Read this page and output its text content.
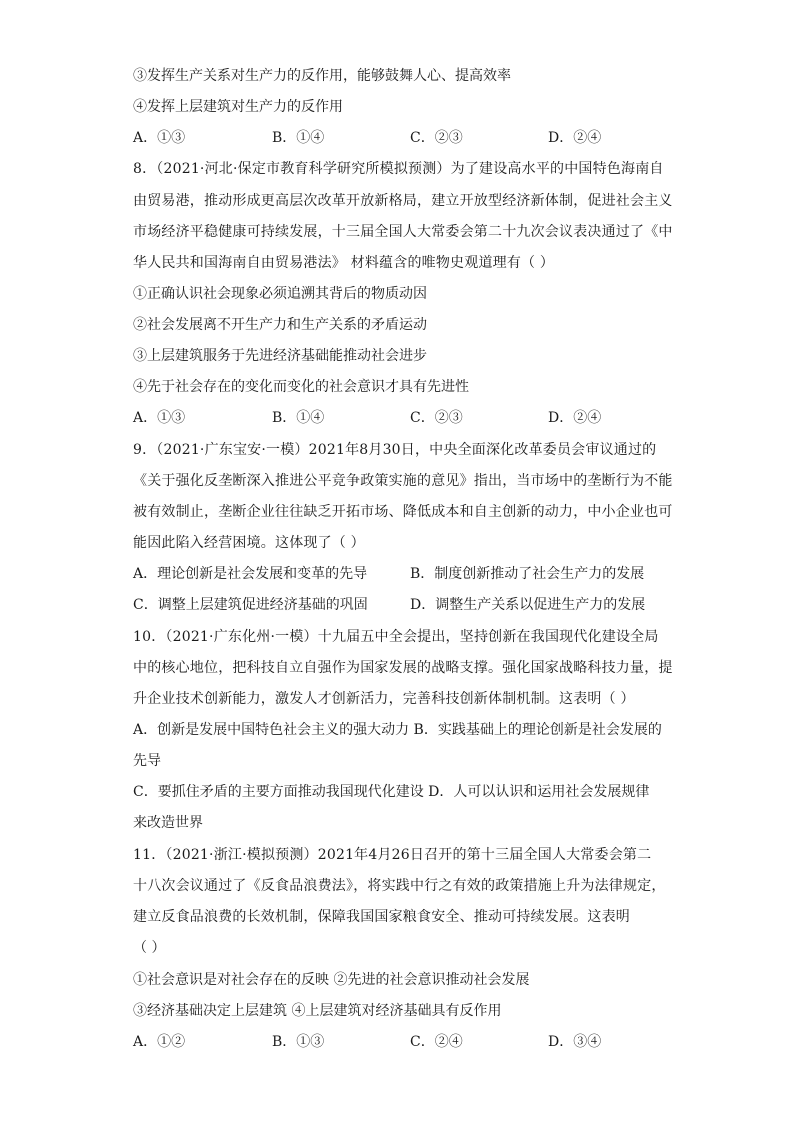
③发挥生产关系对生产力的反作用，能够鼓舞人心、提高效率
④发挥上层建筑对生产力的反作用
A．①③	B．①④	C．②③	D．②④
8．（2021·河北·保定市教育科学研究所模拟预测）为了建设高水平的中国特色海南自
由贸易港，推动形成更高层次改革开放新格局，建立开放型经济新体制，促进社会主义
市场经济平稳健康可持续发展，十三届全国人大常委会第二十九次会议表决通过了《中
华人民共和国海南自由贸易港法》 材料蕴含的唯物史观道理有（ ）
①正确认识社会现象必须追溯其背后的物质动因
②社会发展离不开生产力和生产关系的矛盾运动
③上层建筑服务于先进经济基础能推动社会进步
④先于社会存在的变化而变化的社会意识才具有先进性
A．①③	B．①④	C．②③	D．②④
9．（2021·广东宝安·一模）2021年8月30日，中央全面深化改革委员会审议通过的
《关于强化反垄断深入推进公平竞争政策实施的意见》指出，当市场中的垄断行为不能
被有效制止，垄断企业往往缺乏开拓市场、降低成本和自主创新的动力，中小企业也可
能因此陷入经营困境。这体现了（ ）
A．理论创新是社会发展和变革的先导	B．制度创新推动了社会生产力的发展
C．调整上层建筑促进经济基础的巩固	D．调整生产关系以促进生产力的发展
10．（2021·广东化州·一模）十九届五中全会提出，坚持创新在我国现代化建设全局
中的核心地位，把科技自立自强作为国家发展的战略支撑。强化国家战略科技力量，提
升企业技术创新能力，激发人才创新活力，完善科技创新体制机制。这表明（ ）
A．创新是发展中国特色社会主义的强大动力 B．实践基础上的理论创新是社会发展的
先导
C．要抓住矛盾的主要方面推动我国现代化建设 D．人可以认识和运用社会发展规律
来改造世界
11．（2021·浙江·模拟预测）2021年4月26日召开的第十三届全国人大常委会第二
十八次会议通过了《反食品浪费法》，将实践中行之有效的政策措施上升为法律规定，
建立反食品浪费的长效机制，保障我国国家粮食安全、推动可持续发展。这表明
（ ）
①社会意识是对社会存在的反映 ②先进的社会意识推动社会发展
③经济基础决定上层建筑 ④上层建筑对经济基础具有反作用
A．①②	B．①③	C．②④	D．③④
